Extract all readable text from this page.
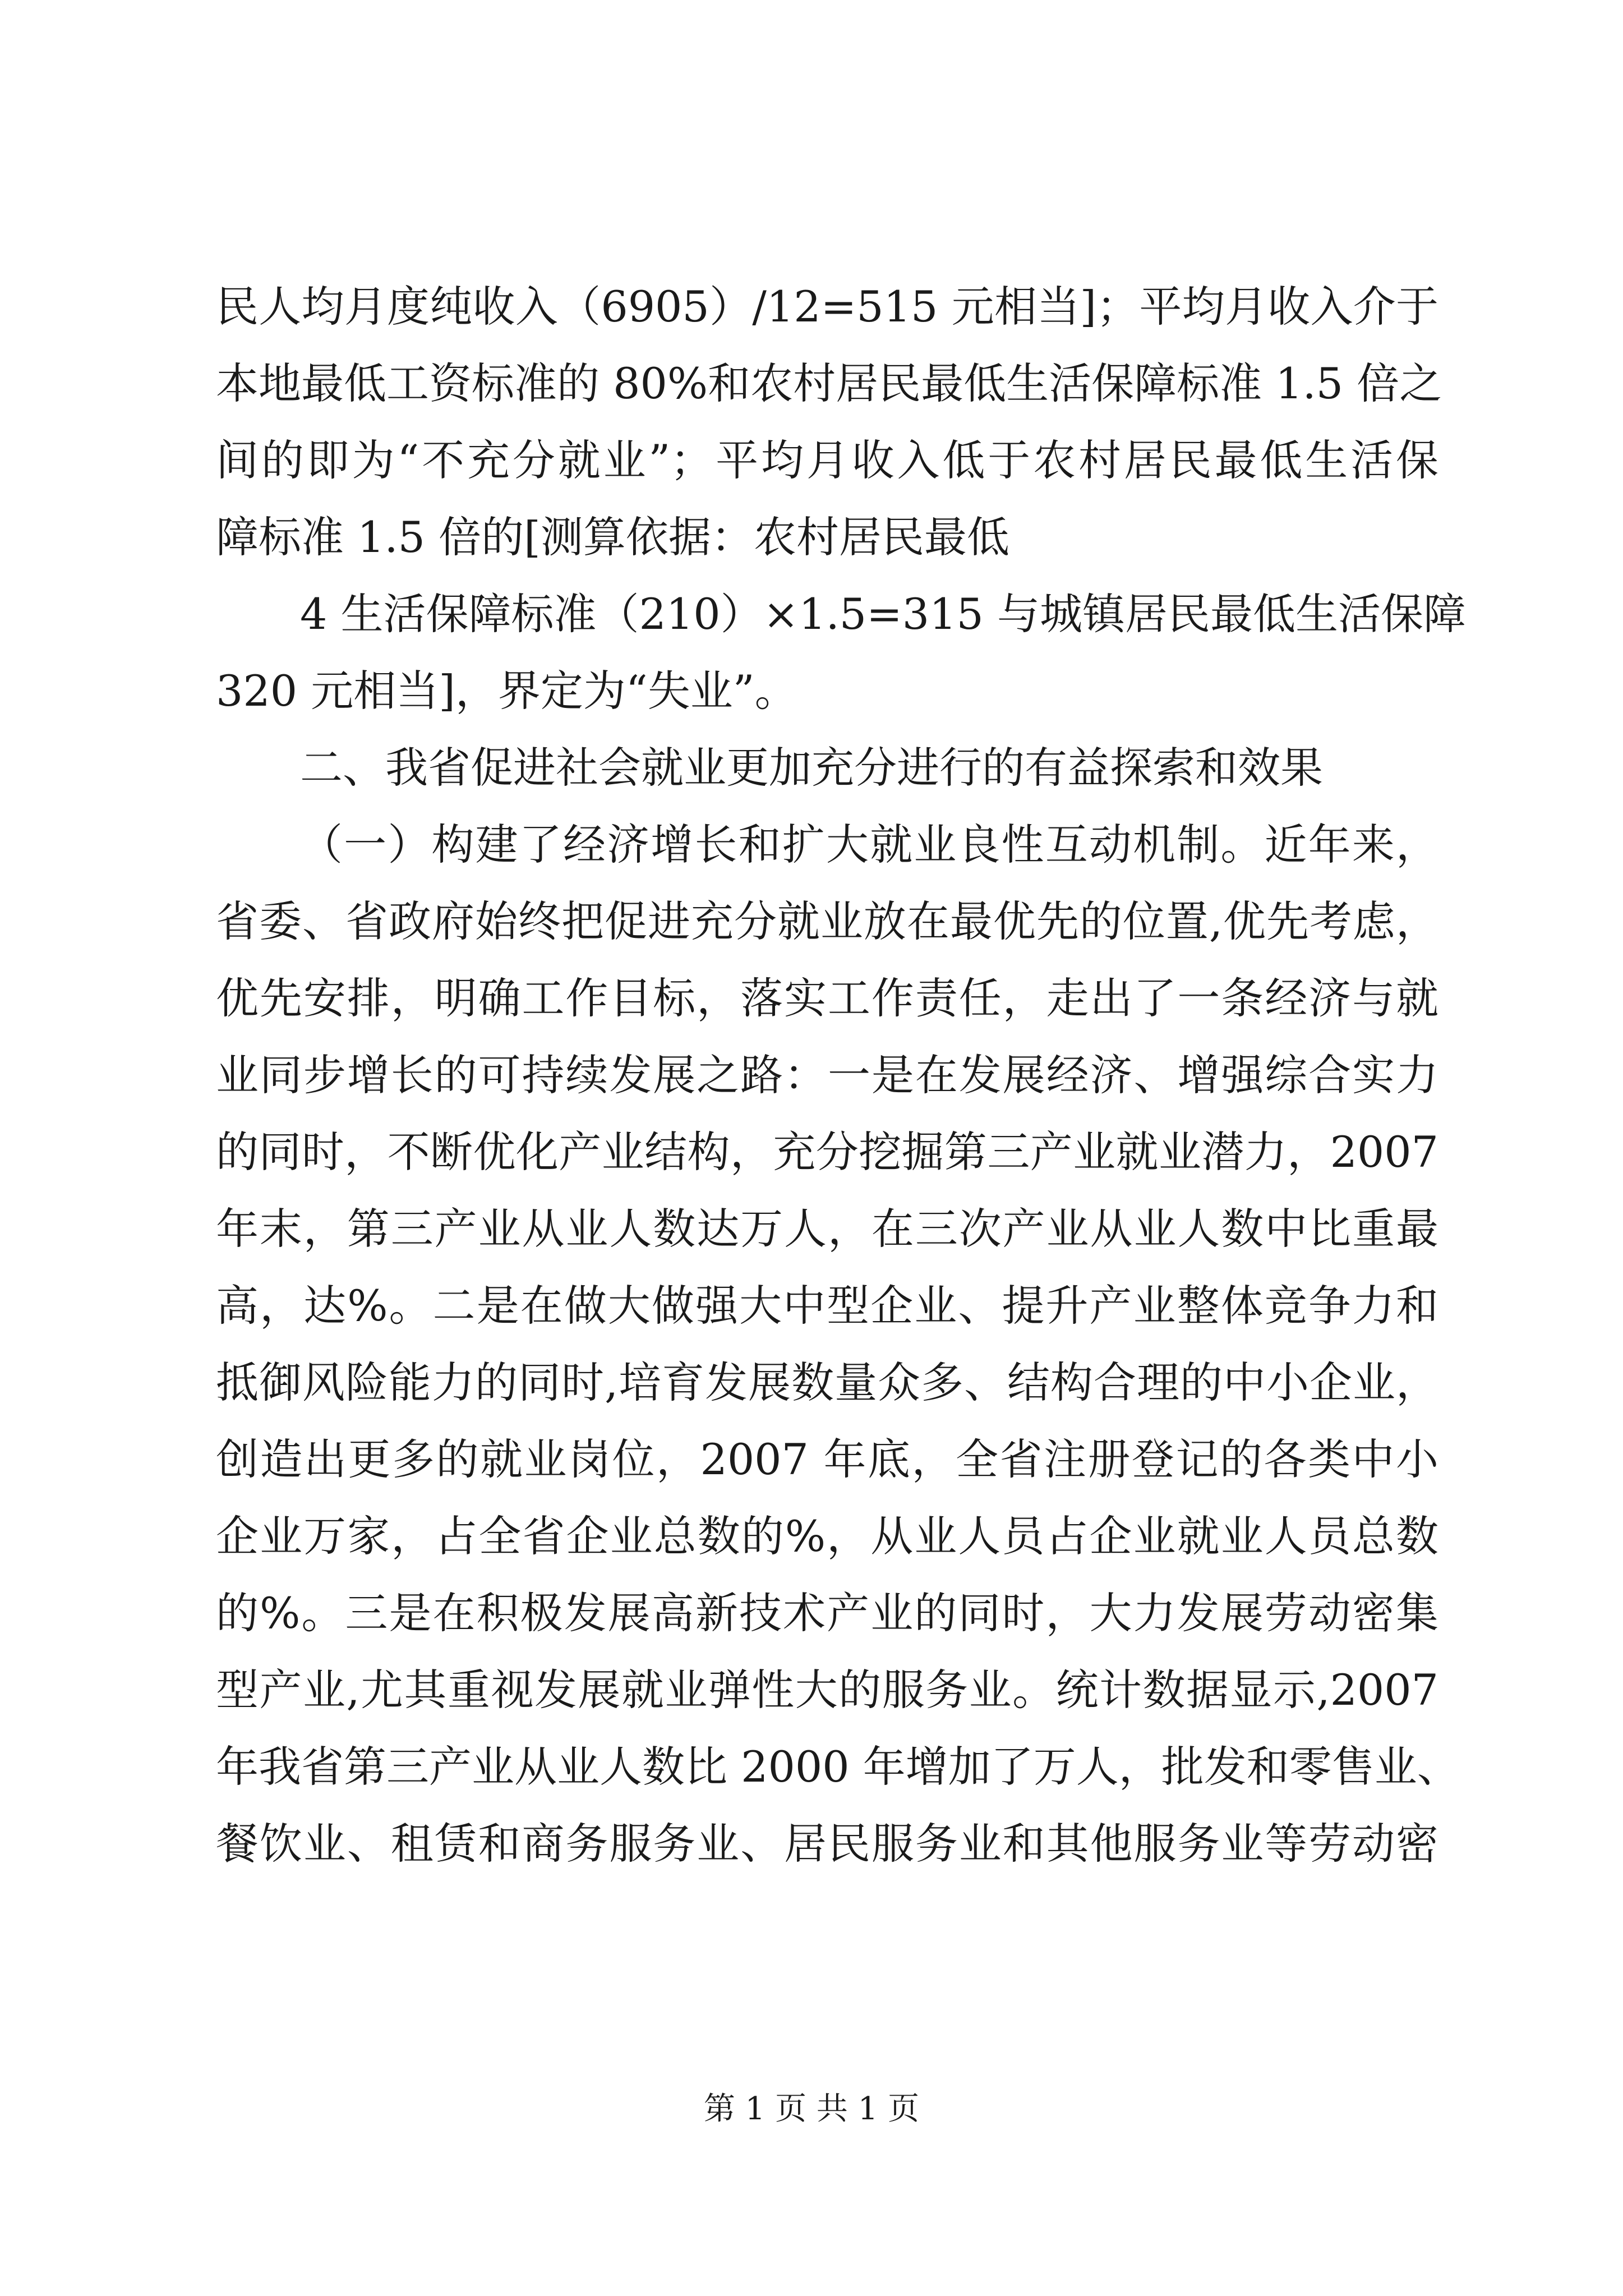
民人均月度纯收入（6905）/12=515 元相当]；平均月收入介于
本地最低工资标准的 80%和农村居民最低生活保障标准 1.5 倍之
间的即为“不充分就业”；平均月收入低于农村居民最低生活保
障标准 1.5 倍的[测算依据：农村居民最低
4 生活保障标准（210）×1.5=315 与城镇居民最低生活保障
320 元相当]，界定为“失业”。
二、我省促进社会就业更加充分进行的有益探索和效果
（一）构建了经济增长和扩大就业良性互动机制。近年来，
省委、省政府始终把促进充分就业放在最优先的位置,优先考虑，
优先安排，明确工作目标，落实工作责任，走出了一条经济与就
业同步增长的可持续发展之路：一是在发展经济、增强综合实力
的同时，不断优化产业结构，充分挖掘第三产业就业潜力，2007
年末，第三产业从业人数达万人，在三次产业从业人数中比重最
高，达%。二是在做大做强大中型企业、提升产业整体竞争力和
抵御风险能力的同时,培育发展数量众多、结构合理的中小企业，
创造出更多的就业岗位，2007 年底，全省注册登记的各类中小
企业万家，占全省企业总数的%，从业人员占企业就业人员总数
的%。三是在积极发展高新技术产业的同时，大力发展劳动密集
型产业,尤其重视发展就业弹性大的服务业。统计数据显示,2007
年我省第三产业从业人数比 2000 年增加了万人，批发和零售业、
餐饮业、租赁和商务服务业、居民服务业和其他服务业等劳动密
第 1 页 共 1 页
